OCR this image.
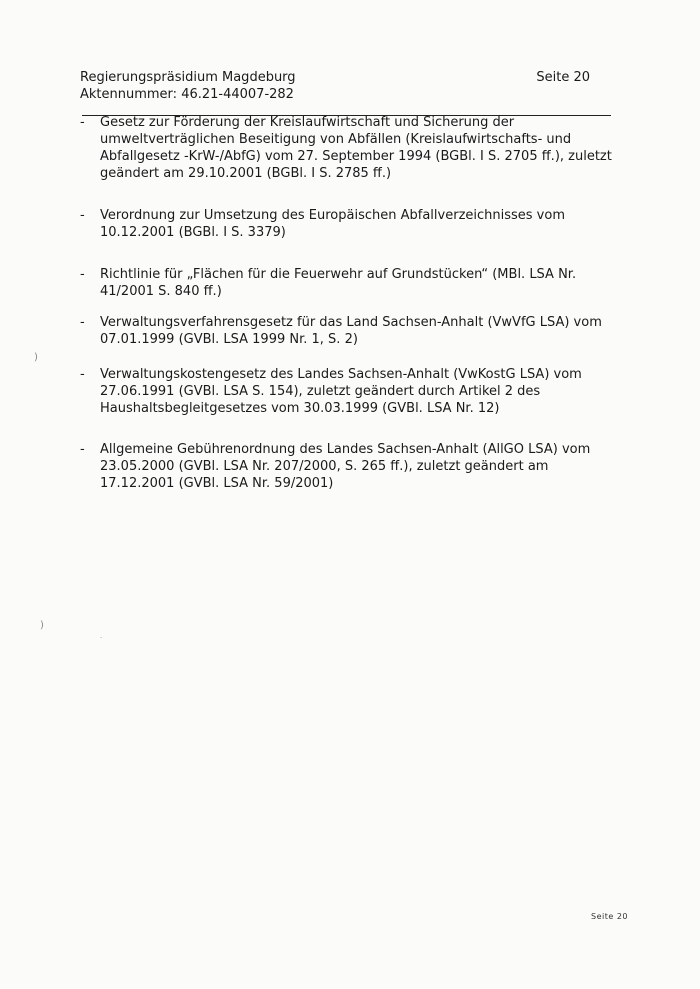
Regierungspräsidium Magdeburg
Aktennummer: 46.21-44007-282
Seite 20
-	Gesetz zur Förderung der Kreislaufwirtschaft und Sicherung der umweltverträglichen Beseitigung von Abfällen (Kreislaufwirtschafts- und Abfallgesetz -KrW-/AbfG) vom 27. September 1994 (BGBl. I S. 2705 ff.), zuletzt geändert am 29.10.2001 (BGBl. I S. 2785 ff.)
-	Verordnung zur Umsetzung des Europäischen Abfallverzeichnisses vom 10.12.2001 (BGBl. I S. 3379)
-	Richtlinie für „Flächen für die Feuerwehr auf Grundstücken“ (MBl. LSA Nr. 41/2001 S. 840 ff.)
-	Verwaltungsverfahrensgesetz für das Land Sachsen-Anhalt (VwVfG LSA) vom 07.01.1999 (GVBl. LSA 1999 Nr. 1, S. 2)
-	Verwaltungskostengesetz des Landes Sachsen-Anhalt (VwKostG LSA) vom 27.06.1991 (GVBl. LSA S. 154), zuletzt geändert durch Artikel 2 des Haushaltsbegleitgesetzes vom 30.03.1999 (GVBl. LSA Nr. 12)
-	Allgemeine Gebührenordnung des Landes Sachsen-Anhalt (AllGO LSA) vom 23.05.2000 (GVBl. LSA Nr. 207/2000, S. 265 ff.), zuletzt geändert am 17.12.2001 (GVBl. LSA Nr. 59/2001)
Seite 20
)
)
.
